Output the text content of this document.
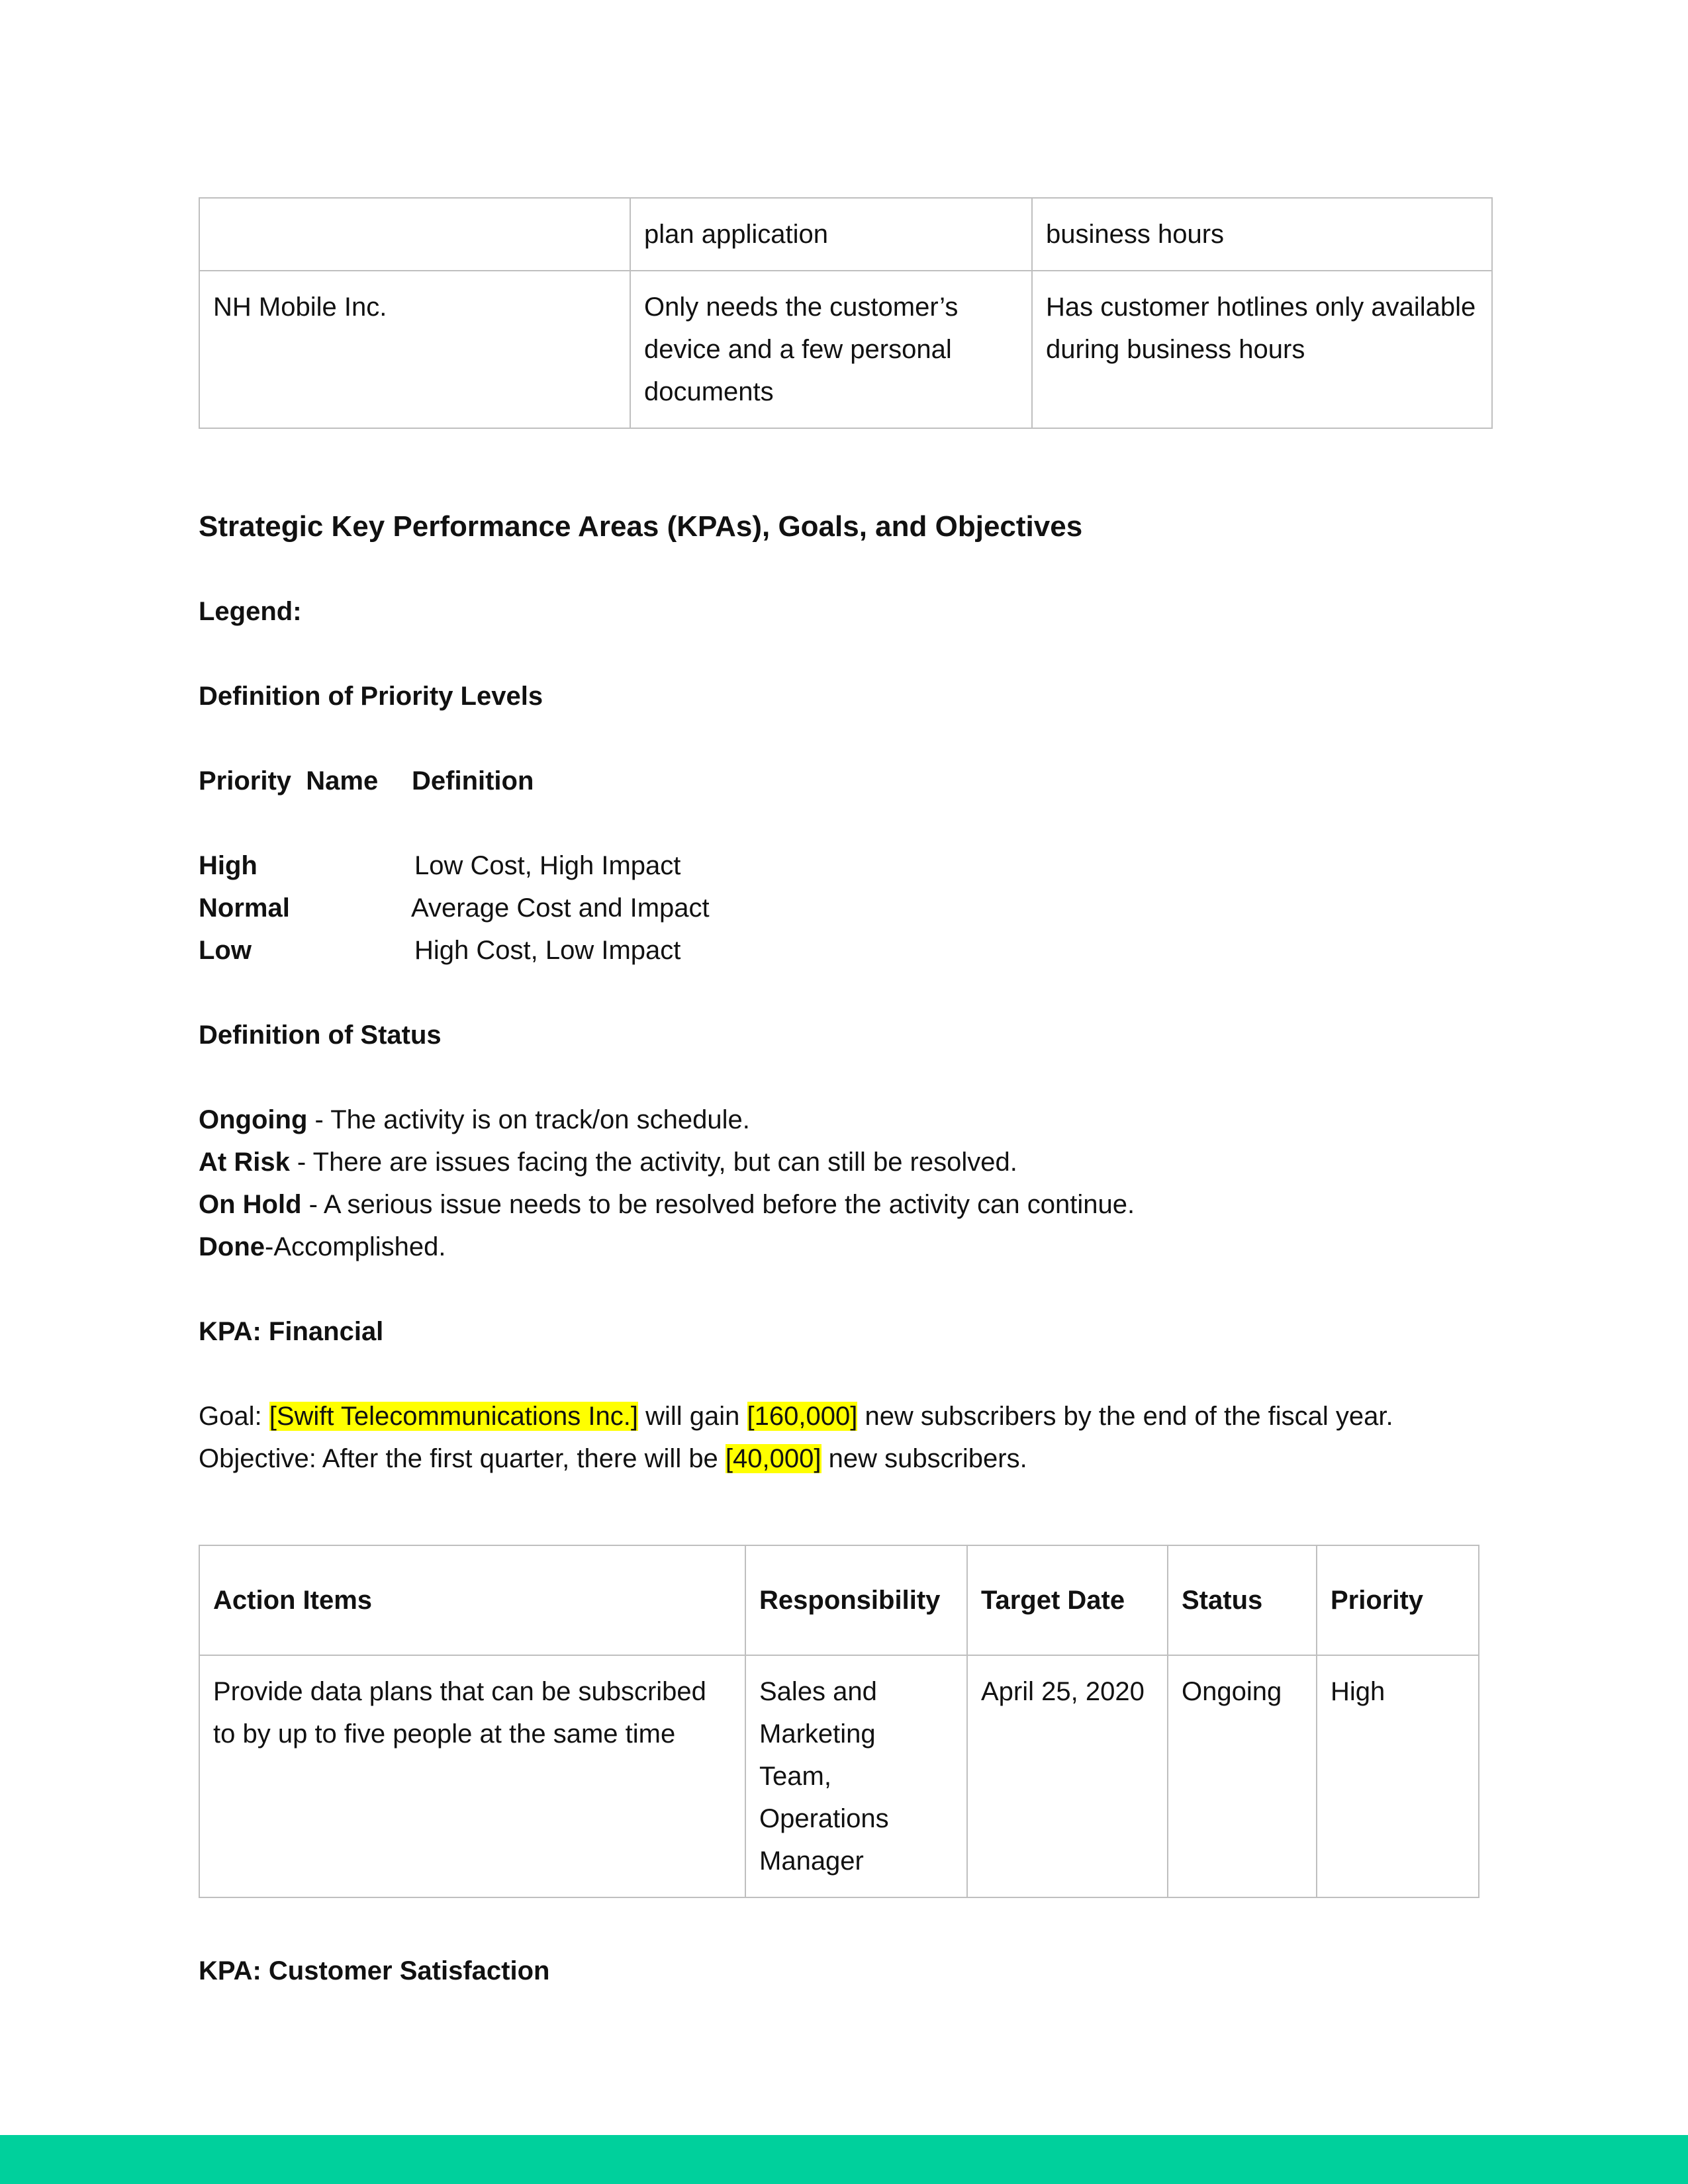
	plan application	business hours
NH Mobile Inc.	Only needs the customer’s device and a few personal documents	Has customer hotlines only available during business hours
Strategic Key Performance Areas (KPAs), Goals, and Objectives
Legend:
Definition of Priority Levels
Priority  Name	Definition
High	Low Cost, High Impact
Normal	Average Cost and Impact
Low	High Cost, Low Impact
Definition of Status
Ongoing - The activity is on track/on schedule.
At Risk - There are issues facing the activity, but can still be resolved.
On Hold - A serious issue needs to be resolved before the activity can continue.
Done-Accomplished.
KPA: Financial
Goal: [Swift Telecommunications Inc.] will gain [160,000] new subscribers by the end of the fiscal year.
Objective: After the first quarter, there will be [40,000] new subscribers.
Action Items	Responsibility	Target Date	Status	Priority
Provide data plans that can be subscribed to by up to five people at the same time	Sales and Marketing Team, Operations Manager	April 25, 2020	Ongoing	High
KPA: Customer Satisfaction
